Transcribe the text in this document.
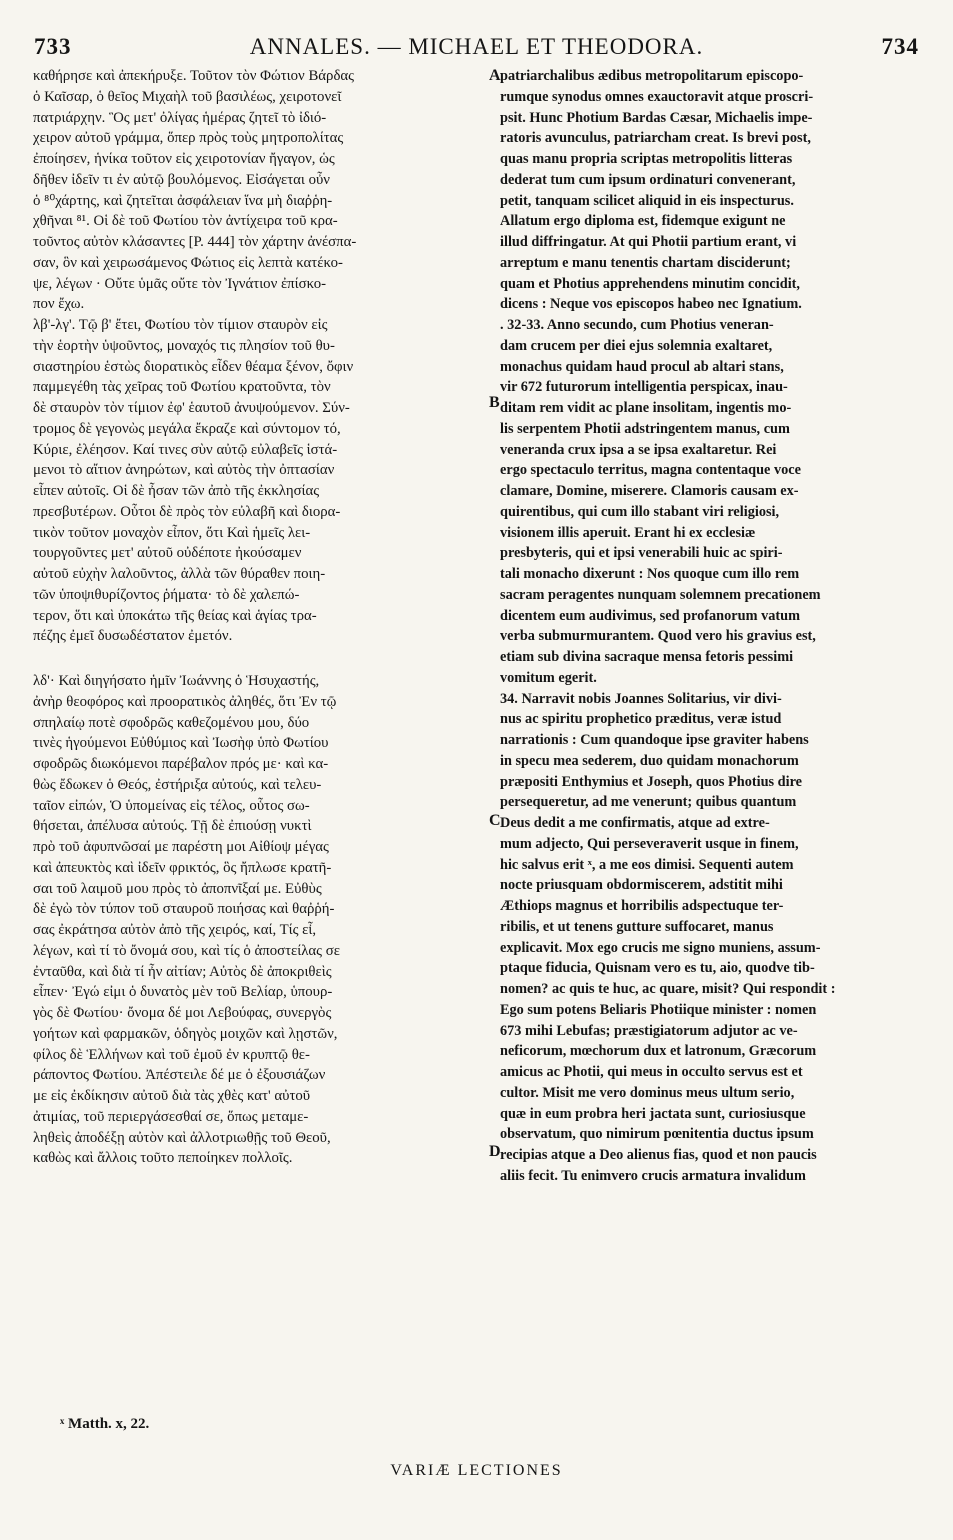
733	ANNALES. — MICHAEL ET THEODORA.	734
καθήρησε καὶ ἀπεκήρυξε. Τοῦτον τὸν Φώτιον Βάρδας
ὁ Καῖσαρ, ὁ θεῖος Μιχαὴλ τοῦ βασιλέως, χειροτονεῖ
πατριάρχην. Ὃς μετ' ὀλίγας ἡμέρας ζητεῖ τὸ ἰδιό-
χειρον αὐτοῦ γράμμα, ὅπερ πρὸς τοὺς μητροπολίτας
ἐποίησεν, ἡνίκα τοῦτον εἰς χειροτονίαν ἤγαγον, ὡς
δῆθεν ἰδεῖν τι ἐν αὐτῷ βουλόμενος. Εἰσάγεται οὖν
ὁ ⁸⁰χάρτης, καὶ ζητεῖται ἀσφάλειαν ἵνα μὴ διαῤῥη-
χθῆναι ⁸¹. Οἱ δὲ τοῦ Φωτίου τὸν ἀντίχειρα τοῦ κρα-
τοῦντος αὐτὸν κλάσαντες [P. 444] τὸν χάρτην ἀνέσπα-
σαν, ὃν καὶ χειρωσάμενος Φώτιος εἰς λεπτὰ κατέκο-
ψε, λέγων · Οὔτε ὑμᾶς οὔτε τὸν Ἰγνάτιον ἐπίσκο-
πον ἔχω.
λβ'-λγ'. Τῷ β' ἔτει, Φωτίου τὸν τίμιον σταυρὸν εἰς
τὴν ἑορτὴν ὑψοῦντος, μοναχός τις πλησίον τοῦ θυ-
σιαστηρίου ἑστὼς διορατικὸς εἶδεν θέαμα ξένον, ὄφιν
παμμεγέθη τὰς χεῖρας τοῦ Φωτίου κρατοῦντα, τὸν
δὲ σταυρὸν τὸν τίμιον ἐφ' ἑαυτοῦ ἀνυψούμενον. Σύν-
τρομος δὲ γεγονὼς μεγάλα ἔκραζε καὶ σύντομον τό,
Κύριε, ἐλέησον. Καί τινες σὺν αὐτῷ εὐλαβεῖς ἱστά-
μενοι τὸ αἴτιον ἀνηρώτων, καὶ αὐτὸς τὴν ὀπτασίαν
εἶπεν αὐτοῖς. Οἱ δὲ ἦσαν τῶν ἀπὸ τῆς ἐκκλησίας
πρεσβυτέρων. Οὗτοι δὲ πρὸς τὸν εὐλαβῆ καὶ διορα-
τικὸν τοῦτον μοναχὸν εἶπον, ὅτι Καὶ ἡμεῖς λει-
τουργοῦντες μετ' αὐτοῦ οὐδέποτε ἠκούσαμεν
αὐτοῦ εὐχὴν λαλοῦντος, ἀλλὰ τῶν θύραθεν ποιη-
τῶν ὑποψιθυρίζοντος ῥήματα· τὸ δὲ χαλεπώ-
τερον, ὅτι καὶ ὑποκάτω τῆς θείας καὶ ἁγίας τρα-
πέζης ἐμεῖ δυσωδέστατον ἐμετόν.
λδ'· Καὶ διηγήσατο ἡμῖν Ἰωάννης ὁ Ἡσυχαστής,
ἀνὴρ θεοφόρος καὶ προορατικὸς ἀληθές, ὅτι Ἐν τῷ
σπηλαίῳ ποτὲ σφοδρῶς καθεζομένου μου, δύο
τινὲς ἡγούμενοι Εὐθύμιος καὶ Ἰωσὴφ ὑπὸ Φωτίου
σφοδρῶς διωκόμενοι παρέβαλον πρός με· καὶ κα-
θὼς ἔδωκεν ὁ Θεός, ἐστήριξα αὐτούς, καὶ τελευ-
ταῖον εἰπών, Ὁ ὑπομείνας εἰς τέλος, οὗτος σω-
θήσεται, ἀπέλυσα αὐτούς. Τῇ δὲ ἐπιούσῃ νυκτὶ
πρὸ τοῦ ἀφυπνῶσαί με παρέστη μοι Αἰθίοψ μέγας
καὶ ἀπευκτὸς καὶ ἰδεῖν φρικτός, ὃς ἤπλωσε κρατῆ-
σαι τοῦ λαιμοῦ μου πρὸς τὸ ἀποπνῖξαί με. Εὐθὺς
δὲ ἐγὼ τὸν τύπον τοῦ σταυροῦ ποιήσας καὶ θαῤῥή-
σας ἐκράτησα αὐτὸν ἀπὸ τῆς χειρός, καί, Τίς εἶ,
λέγων, καὶ τί τὸ ὄνομά σου, καὶ τίς ὁ ἀποστείλας σε
ἐνταῦθα, καὶ διὰ τί ἦν αἰτίαν; Αὐτὸς δὲ ἀποκριθεὶς
εἶπεν· Ἐγώ εἰμι ὁ δυνατὸς μὲν τοῦ Βελίαρ, ὑπουρ-
γὸς δὲ Φωτίου· ὄνομα δέ μοι Λεβούφας, συνεργὸς
γοήτων καὶ φαρμακῶν, ὁδηγὸς μοιχῶν καὶ λῃστῶν,
φίλος δὲ Ἑλλήνων καὶ τοῦ ἐμοῦ ἐν κρυπτῷ θε-
ράποντος Φωτίου. Ἀπέστειλε δέ με ὁ ἐξουσιάζων
με εἰς ἐκδίκησιν αὐτοῦ διὰ τὰς χθὲς κατ' αὐτοῦ
ἀτιμίας, τοῦ περιεργάσεσθαί σε, ὅπως μεταμε-
ληθεὶς ἀποδέξῃ αὐτὸν καὶ ἀλλοτριωθῇς τοῦ Θεοῦ,
καθὼς καὶ ἄλλοις τοῦτο πεποίηκεν πολλοῖς.
patriarchalibus ædibus metropolitarum episcopo-
rumque synodus omnes exauctoravit atque proscri-
psit. Hunc Photium Bardas Cæsar, Michaelis impe-
ratoris avunculus, patriarcham creat. Is brevi post,
quas manu propria scriptas metropolitis litteras
dederat tum cum ipsum ordinaturi convenerant,
petit, tanquam scilicet aliquid in eis inspecturus.
Allatum ergo diploma est, fidemque exigunt ne
illud diffringatur. At qui Photii partium erant, vi
arreptum e manu tenentis chartam disciderunt;
quam et Photius apprehendens minutim concidit,
dicens : Neque vos episcopos habeo nec Ignatium.
. 32-33. Anno secundo, cum Photius veneran-
dam crucem per diei ejus solemnia exaltaret,
monachus quidam haud procul ab altari stans,
vir 672 futurorum intelligentia perspicax, inau-
ditam rem vidit ac plane insolitam, ingentis mo-
lis serpentem Photii adstringentem manus, cum
veneranda crux ipsa a se ipsa exaltaretur. Rei
ergo spectaculo territus, magna contentaque voce
clamare, Domine, miserere. Clamoris causam ex-
quirentibus, qui cum illo stabant viri religiosi,
visionem illis aperuit. Erant hi ex ecclesiæ
presbyteris, qui et ipsi venerabili huic ac spiri-
tali monacho dixerunt : Nos quoque cum illo rem
sacram peragentes nunquam solemnem precationem
dicentem eum audivimus, sed profanorum vatum
verba submurmurantem. Quod vero his gravius est,
etiam sub divina sacraque mensa fetoris pessimi
vomitum egerit.
34. Narravit nobis Joannes Solitarius, vir divi-
nus ac spiritu prophetico præditus, veræ istud
narrationis : Cum quandoque ipse graviter habens
in specu mea sederem, duo quidam monachorum
præpositi Enthymius et Joseph, quos Photius dire
persequeretur, ad me venerunt; quibus quantum
Deus dedit a me confirmatis, atque ad extre-
mum adjecto, Qui perseveraverit usque in finem,
hic salvus erit ˣ, a me eos dimisi. Sequenti autem
nocte priusquam obdormiscerem, adstitit mihi
Æthiops magnus et horribilis adspectuque ter-
ribilis, et ut tenens gutture suffocaret, manus
explicavit. Mox ego crucis me signo muniens, assum-
ptaque fiducia, Quisnam vero es tu, aio, quodve tib-
nomen? ac quis te huc, ac quare, misit? Qui respondit :
Ego sum potens Beliaris Photiique minister : nomen
673 mihi Lebufas; præstigiatorum adjutor ac ve-
neficorum, mœchorum dux et latronum, Græcorum
amicus ac Photii, qui meus in occulto servus est et
cultor. Misit me vero dominus meus ultum serio,
quæ in eum probra heri jactata sunt, curiosiusque
observatum, quo nimirum pœnitentia ductus ipsum
recipias atque a Deo alienus fias, quod et non paucis
aliis fecit. Tu enimvero crucis armatura invalidum
A
B
C
D
ˣ Matth. x, 22.
VARIÆ LECTIONES
